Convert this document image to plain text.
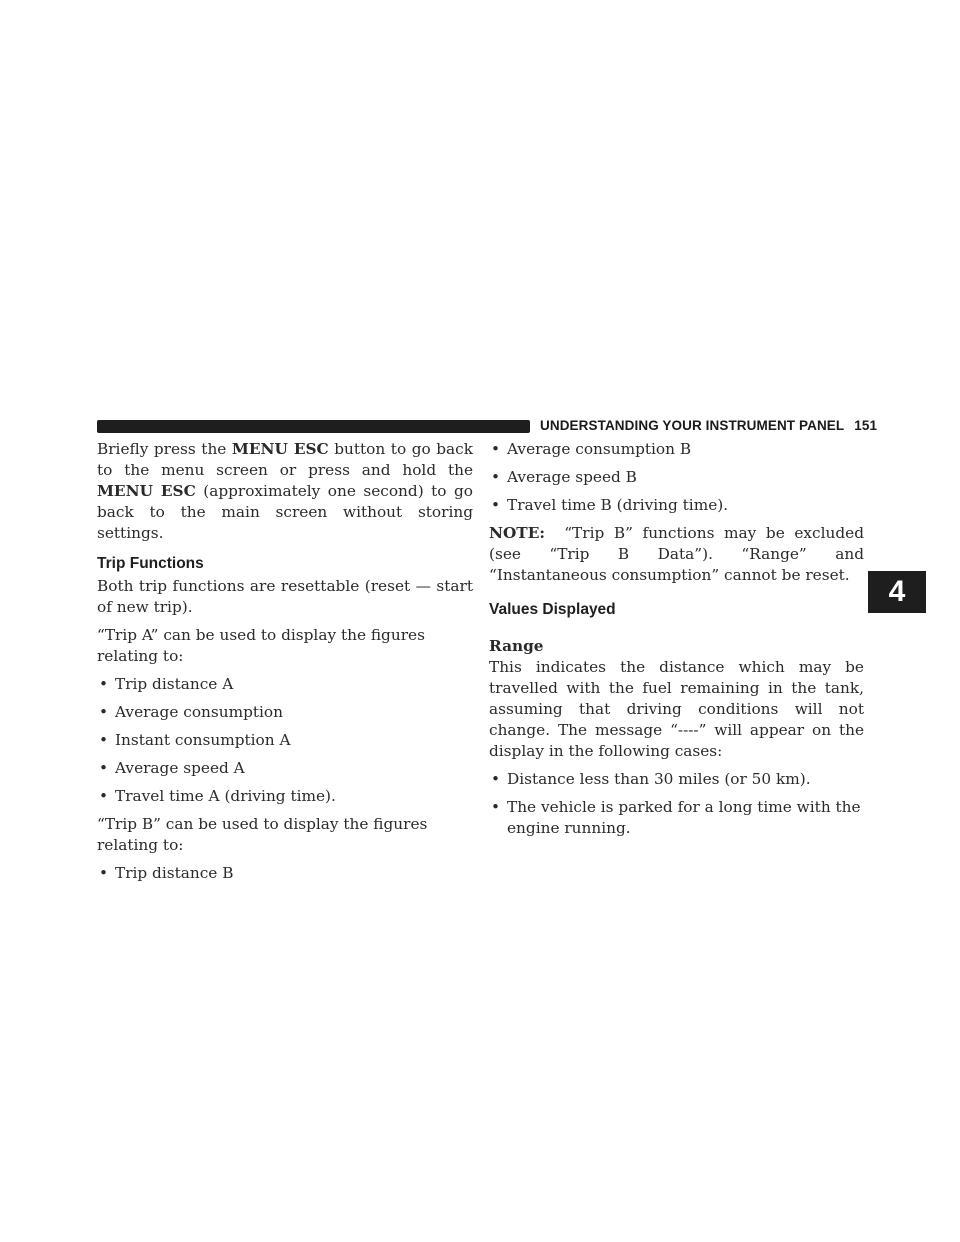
UNDERSTANDING YOUR INSTRUMENT PANEL 151
4

Briefly press the MENU ESC button to go back to the menu screen or press and hold the MENU ESC (approximately one second) to go back to the main screen without storing settings.

Trip Functions

Both trip functions are resettable (reset — start of new trip).

“Trip A” can be used to display the figures relating to:

• Trip distance A
• Average consumption
• Instant consumption A
• Average speed A
• Travel time A (driving time).

“Trip B” can be used to display the figures relating to:

• Trip distance B
• Average consumption B
• Average speed B
• Travel time B (driving time).

NOTE: “Trip B” functions may be excluded (see “Trip B Data”). “Range” and “Instantaneous consumption” cannot be reset.

Values Displayed

Range

This indicates the distance which may be travelled with the fuel remaining in the tank, assuming that driving conditions will not change. The message “----” will appear on the display in the following cases:

• Distance less than 30 miles (or 50 km).
• The vehicle is parked for a long time with the engine running.
